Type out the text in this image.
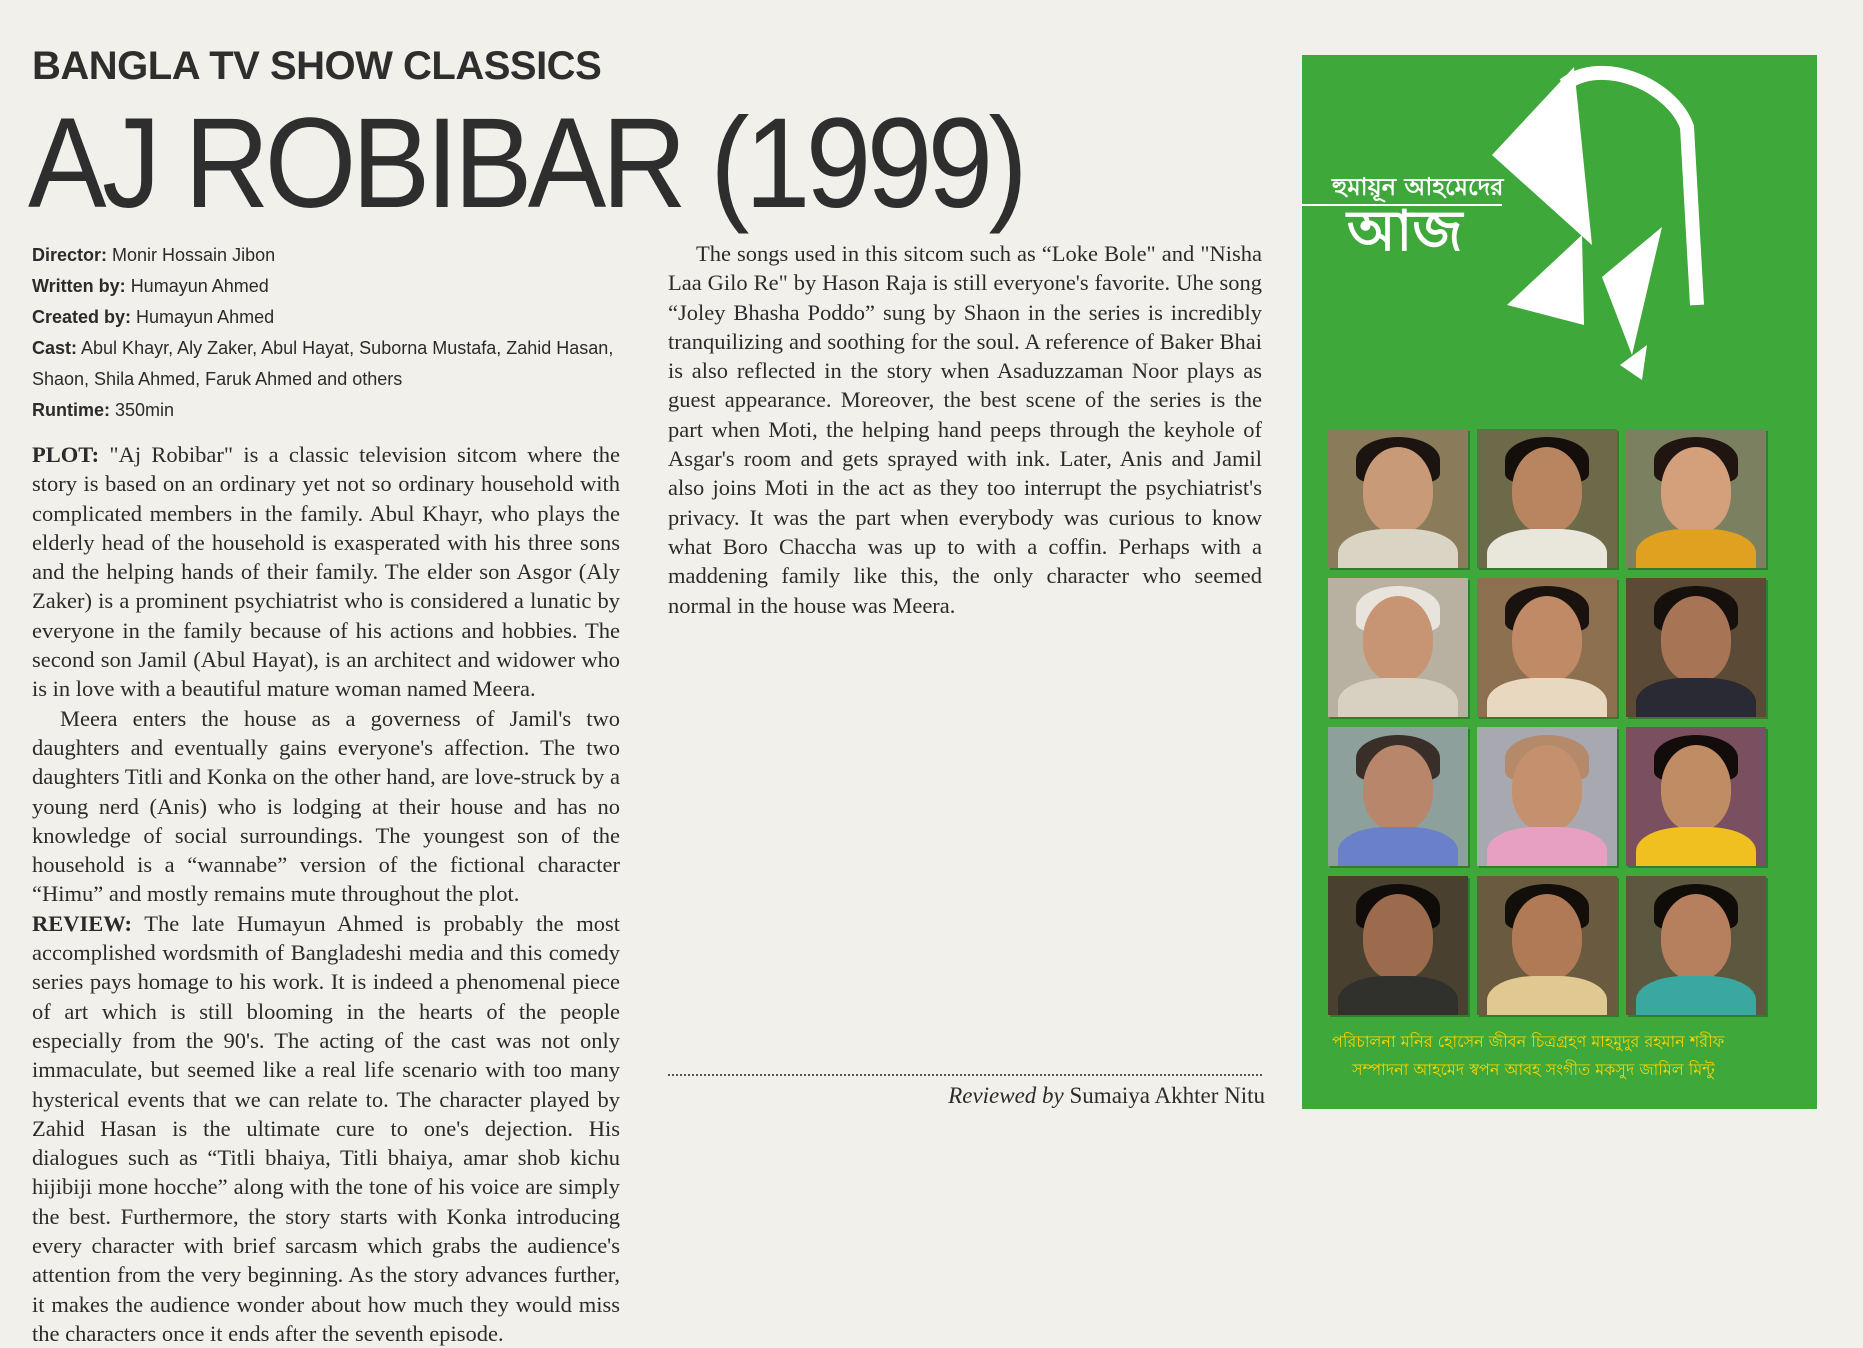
BANGLA TV SHOW CLASSICS
AJ ROBIBAR (1999)
Director: Monir Hossain Jibon
Written by: Humayun Ahmed
Created by: Humayun Ahmed
Cast: Abul Khayr, Aly Zaker, Abul Hayat, Suborna Mustafa, Zahid Hasan, Shaon, Shila Ahmed, Faruk Ahmed and others
Runtime: 350min

PLOT: "Aj Robibar" is a classic television sitcom where the story is based on an ordinary yet not so ordinary household with complicated members in the family. Abul Khayr, who plays the elderly head of the household is exasperated with his three sons and the helping hands of their family. The elder son Asgor (Aly Zaker) is a prominent psychiatrist who is considered a lunatic by everyone in the family because of his actions and hobbies. The second son Jamil (Abul Hayat), is an architect and widower who is in love with a beautiful mature woman named Meera.

Meera enters the house as a governess of Jamil's two daughters and eventually gains everyone's affection. The two daughters Titli and Konka on the other hand, are love-struck by a young nerd (Anis) who is lodging at their house and has no knowledge of social surroundings. The youngest son of the household is a “wannabe” version of the fictional character “Himu” and mostly remains mute throughout the plot.

REVIEW: The late Humayun Ahmed is probably the most accomplished wordsmith of Bangladeshi media and this comedy series pays homage to his work. It is indeed a phenomenal piece of art which is still blooming in the hearts of the people especially from the 90's. The acting of the cast was not only immaculate, but seemed like a real life scenario with too many hysterical events that we can relate to. The character played by Zahid Hasan is the ultimate cure to one's dejection. His dialogues such as “Titli bhaiya, Titli bhaiya, amar shob kichu hijibiji mone hocche” along with the tone of his voice are simply the best. Furthermore, the story starts with Konka introducing every character with brief sarcasm which grabs the audience's attention from the very beginning. As the story advances further, it makes the audience wonder about how much they would miss the characters once it ends after the seventh episode.

The songs used in this sitcom such as “Loke Bole" and "Nisha Laa Gilo Re" by Hason Raja is still everyone's favorite. Uhe song “Joley Bhasha Poddo” sung by Shaon in the series is incredibly tranquilizing and soothing for the soul. A reference of Baker Bhai is also reflected in the story when Asaduzzaman Noor plays as guest appearance. Moreover, the best scene of the series is the part when Moti, the helping hand peeps through the keyhole of Asgar's room and gets sprayed with ink. Later, Anis and Jamil also joins Moti in the act as they too interrupt the psychiatrist's privacy. It was the part when everybody was curious to know what Boro Chaccha was up to with a coffin. Perhaps with a maddening family like this, the only character who seemed normal in the house was Meera.

Reviewed by Sumaiya Akhter Nitu
হুমায়ূন আহমেদের
আজ
পরিচালনা মনির হোসেন জীবন চিত্রগ্রহণ মাহমুদুর রহমান শরীফ
সম্পাদনা আহমেদ স্বপন আবহ সংগীত মকসুদ জামিল মিন্টু
